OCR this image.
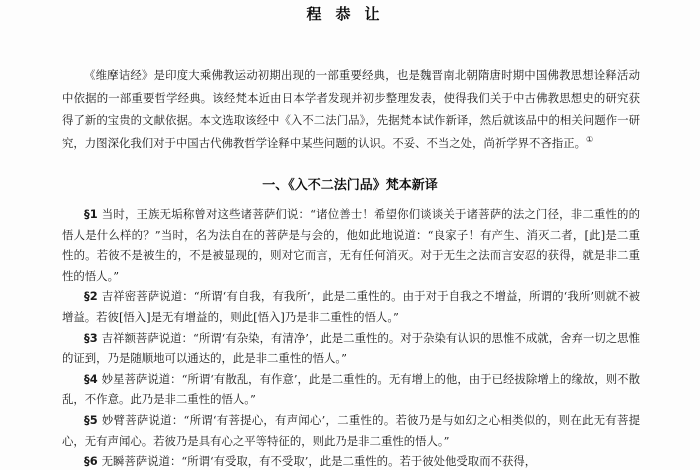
程恭让

《维摩诘经》是印度大乘佛教运动初期出现的一部重要经典，也是魏晋南北朝隋唐时期中国佛教思想诠释活动中依据的一部重要哲学经典。该经梵本近由日本学者发现并初步整理发表，使得我们关于中古佛教思想史的研究获得了新的宝贵的文献依据。本文选取该经中《入不二法门品》，先据梵本试作新译，然后就该品中的相关问题作一研究，力图深化我们对于中国古代佛教哲学诠释中某些问题的认识。不妥、不当之处，尚祈学界不吝指正。①

一、《入不二法门品》梵本新译

§1 当时，王族无垢称曾对这些诸菩萨们说：“诸位善士！希望你们谈谈关于诸菩萨的法之门径，非二重性的的悟人是什么样的？”当时，名为法自在的菩萨是与会的，他如此地说道：“良家子！有产生、消灭二者，[此]是二重性的。若彼不是被生的，不是被显现的，则对它而言，无有任何消灭。对于无生之法而言安忍的获得，就是非二重性的悟人。”

§2 吉祥密菩萨说道：“所谓‘有自我，有我所’，此是二重性的。由于对于自我之不增益，所谓的‘我所’则就不被增益。若彼[悟入]是无有增益的，则此[悟入]乃是非二重性的悟人。”

§3 吉祥额菩萨说道：“所谓‘有杂染，有清净’，此是二重性的。对于杂染有认识的思惟不成就，舍弃一切之思惟的证到，乃是随顺地可以通达的，此是非二重性的悟人。”

§4 妙星菩萨说道：“所谓‘有散乱，有作意’，此是二重性的。无有增上的他，由于已经拔除增上的缘故，则不散乱，不作意。此乃是非二重性的悟人。”

§5 妙臂菩萨说道：“所谓‘有菩提心，有声闻心’，二重性的。若彼乃是与如幻之心相类似的，则在此无有菩提心，无有声闻心。若彼乃是具有心之平等特征的，则此乃是非二重性的悟人。”

§6 无瞬菩萨说道：“所谓‘有受取，有不受取’，此是二重性的。若于彼处他受取而不获得，
